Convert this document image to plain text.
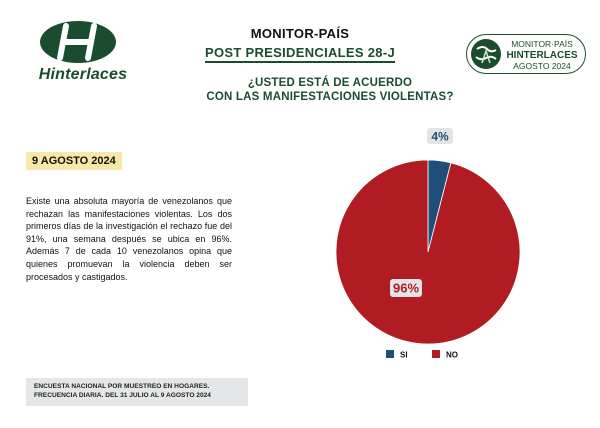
Hinterlaces
MONITOR-PAÍS
POST PRESIDENCIALES 28-J
MONITOR·PAÍS
HINTERLACES
AGOSTO 2024
¿USTED ESTÁ DE ACUERDO
CON LAS MANIFESTACIONES VIOLENTAS?
9 AGOSTO 2024
Existe una absoluta mayoría de venezolanos que rechazan las manifestaciones violentas. Los dos primeros días de la investigación el rechazo fue del 91%, una semana después se ubica en 96%. Además 7 de cada 10 venezolanos opina que quienes promuevan la violencia deben ser procesados y castigados.
ENCUESTA NACIONAL POR MUESTREO EN HOGARES.
FRECUENCIA DIARIA. DEL 31 JULIO AL 9 AGOSTO 2024
4%
96%
SI	NO
